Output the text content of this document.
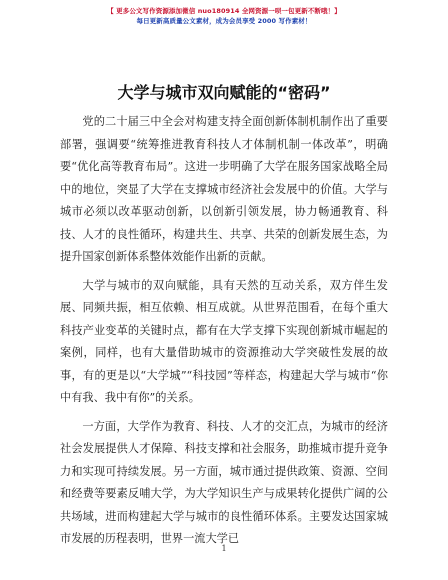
【 更多公文写作资源添加微信 nuo180914 全网资源一呗一包更新不断哦！】
每日更新高质量公文素材，成为会员享受 2000 写作素材！
大学与城市双向赋能的“密码”

党的二十届三中全会对构建支持全面创新体制机制作出了重要部署，强调要“统筹推进教育科技人才体制机制一体改革”，明确要“优化高等教育布局”。这进一步明确了大学在服务国家战略全局中的地位，突显了大学在支撑城市经济社会发展中的价值。大学与城市必须以改革驱动创新，以创新引领发展，协力畅通教育、科技、人才的良性循环，构建共生、共享、共荣的创新发展生态，为提升国家创新体系整体效能作出新的贡献。

大学与城市的双向赋能，具有天然的互动关系，双方伴生发展、同频共振，相互依赖、相互成就。从世界范围看，在每个重大科技产业变革的关键时点，都有在大学支撑下实现创新城市崛起的案例，同样，也有大量借助城市的资源推动大学突破性发展的故事，有的更是以“大学城”“科技园”等样态，构建起大学与城市“你中有我、我中有你”的关系。

一方面，大学作为教育、科技、人才的交汇点，为城市的经济社会发展提供人才保障、科技支撑和社会服务，助推城市提升竞争力和实现可持续发展。另一方面，城市通过提供政策、资源、空间和经费等要素反哺大学，为大学知识生产与成果转化提供广阔的公共场域，进而构建起大学与城市的良性循环体系。主要发达国家城市发展的历程表明，世界一流大学已

1
